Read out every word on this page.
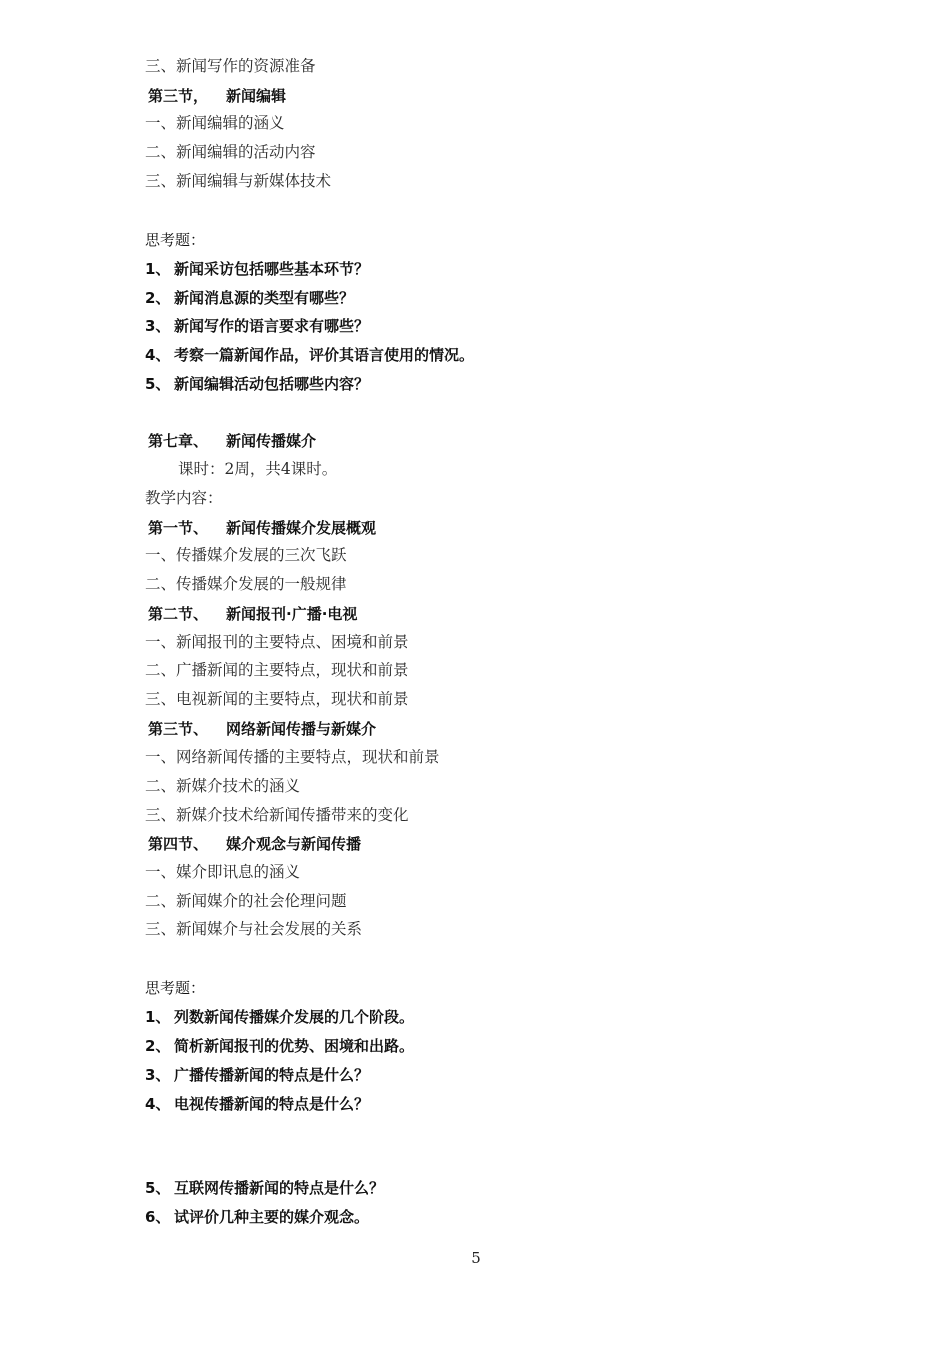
三、新闻写作的资源准备
第三节， 新闻编辑
一、新闻编辑的涵义
二、新闻编辑的活动内容
三、新闻编辑与新媒体技术
思考题：
1、 新闻采访包括哪些基本环节？
2、 新闻消息源的类型有哪些？
3、 新闻写作的语言要求有哪些？
4、 考察一篇新闻作品，评价其语言使用的情况。
5、 新闻编辑活动包括哪些内容？
第七章、 新闻传播媒介
课时：2周，共4课时。
教学内容：
第一节、 新闻传播媒介发展概观
一、传播媒介发展的三次飞跃
二、传播媒介发展的一般规律
第二节、 新闻报刊·广播·电视
一、新闻报刊的主要特点、困境和前景
二、广播新闻的主要特点，现状和前景
三、电视新闻的主要特点，现状和前景
第三节、 网络新闻传播与新媒介
一、网络新闻传播的主要特点，现状和前景
二、新媒介技术的涵义
三、新媒介技术给新闻传播带来的变化
第四节、 媒介观念与新闻传播
一、媒介即讯息的涵义
二、新闻媒介的社会伦理问题
三、新闻媒介与社会发展的关系
思考题：
1、 列数新闻传播媒介发展的几个阶段。
2、 简析新闻报刊的优势、困境和出路。
3、 广播传播新闻的特点是什么？
4、 电视传播新闻的特点是什么？
5、 互联网传播新闻的特点是什么？
6、 试评价几种主要的媒介观念。
5
